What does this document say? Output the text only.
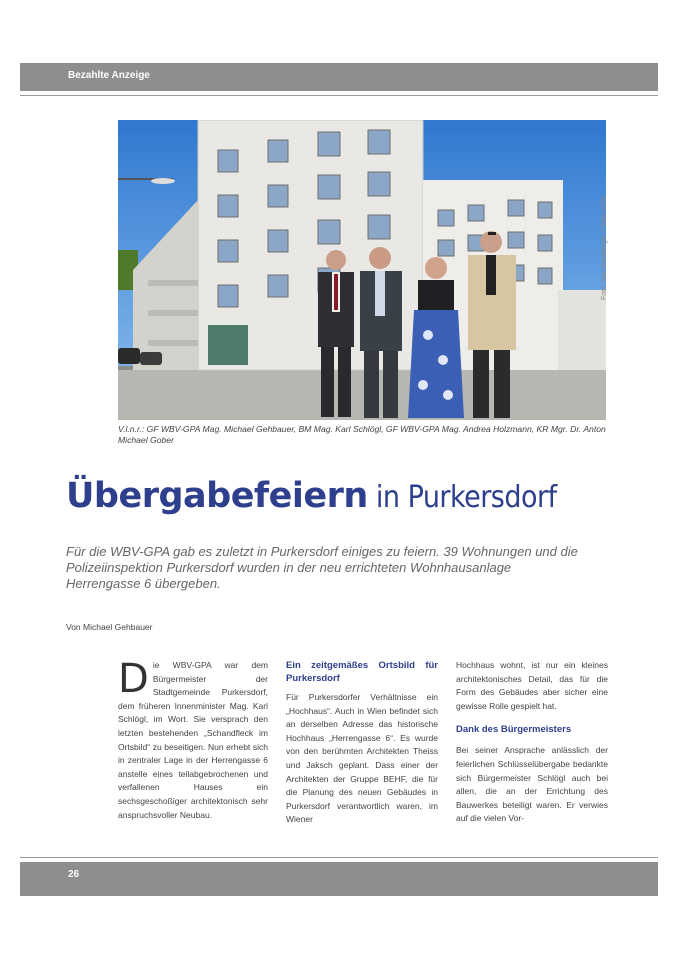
Bezahlte Anzeige
Foto: Rauchenberger / WBV-GPA
V.l.n.r.: GF WBV-GPA Mag. Michael Gehbauer, BM Mag. Karl Schlögl, GF WBV-GPA Mag. Andrea Holzmann, KR Mgr. Dr. Anton Michael Gober
Übergabefeiern in Purkersdorf
Für die WBV-GPA gab es zuletzt in Purkersdorf einiges zu feiern. 39 Wohnungen und die Polizeiinspektion Purkersdorf wurden in der neu errichteten Wohnhausanlage Herrengasse 6 übergeben.
Von Michael Gehbauer
Die WBV-GPA war dem Bürgermeister der Stadtgemeinde Purkersdorf, dem früheren Innenminister Mag. Karl Schlögl, im Wort. Sie versprach den letzten bestehenden „Schandfleck im Ortsbild“ zu beseitigen. Nun erhebt sich in zentraler Lage in der Herrengasse 6 anstelle eines teilabgebrochenen und verfallenen Hauses ein sechsgeschoßiger architektonisch sehr anspruchsvoller Neubau.
Ein zeitgemäßes Ortsbild für Purkersdorf
Für Purkersdorfer Verhältnisse ein „Hochhaus“. Auch in Wien befindet sich an derselben Adresse das historische Hochhaus „Herrengasse 6“. Es wurde von den berühmten Architekten Theiss und Jaksch geplant. Dass einer der Architekten der Gruppe BEHF, die für die Planung des neuen Gebäudes in Purkersdorf verantwortlich waren, im Wiener
Hochhaus wohnt, ist nur ein kleines architektonisches Detail, das für die Form des Gebäudes aber sicher eine gewisse Rolle gespielt hat.
Dank des Bürgermeisters
Bei seiner Ansprache anlässlich der feierlichen Schlüsselübergabe bedankte sich Bürgermeister Schlögl auch bei allen, die an der Errichtung des Bauwerkes beteiligt waren. Er verwies auf die vielen Vor-
26
